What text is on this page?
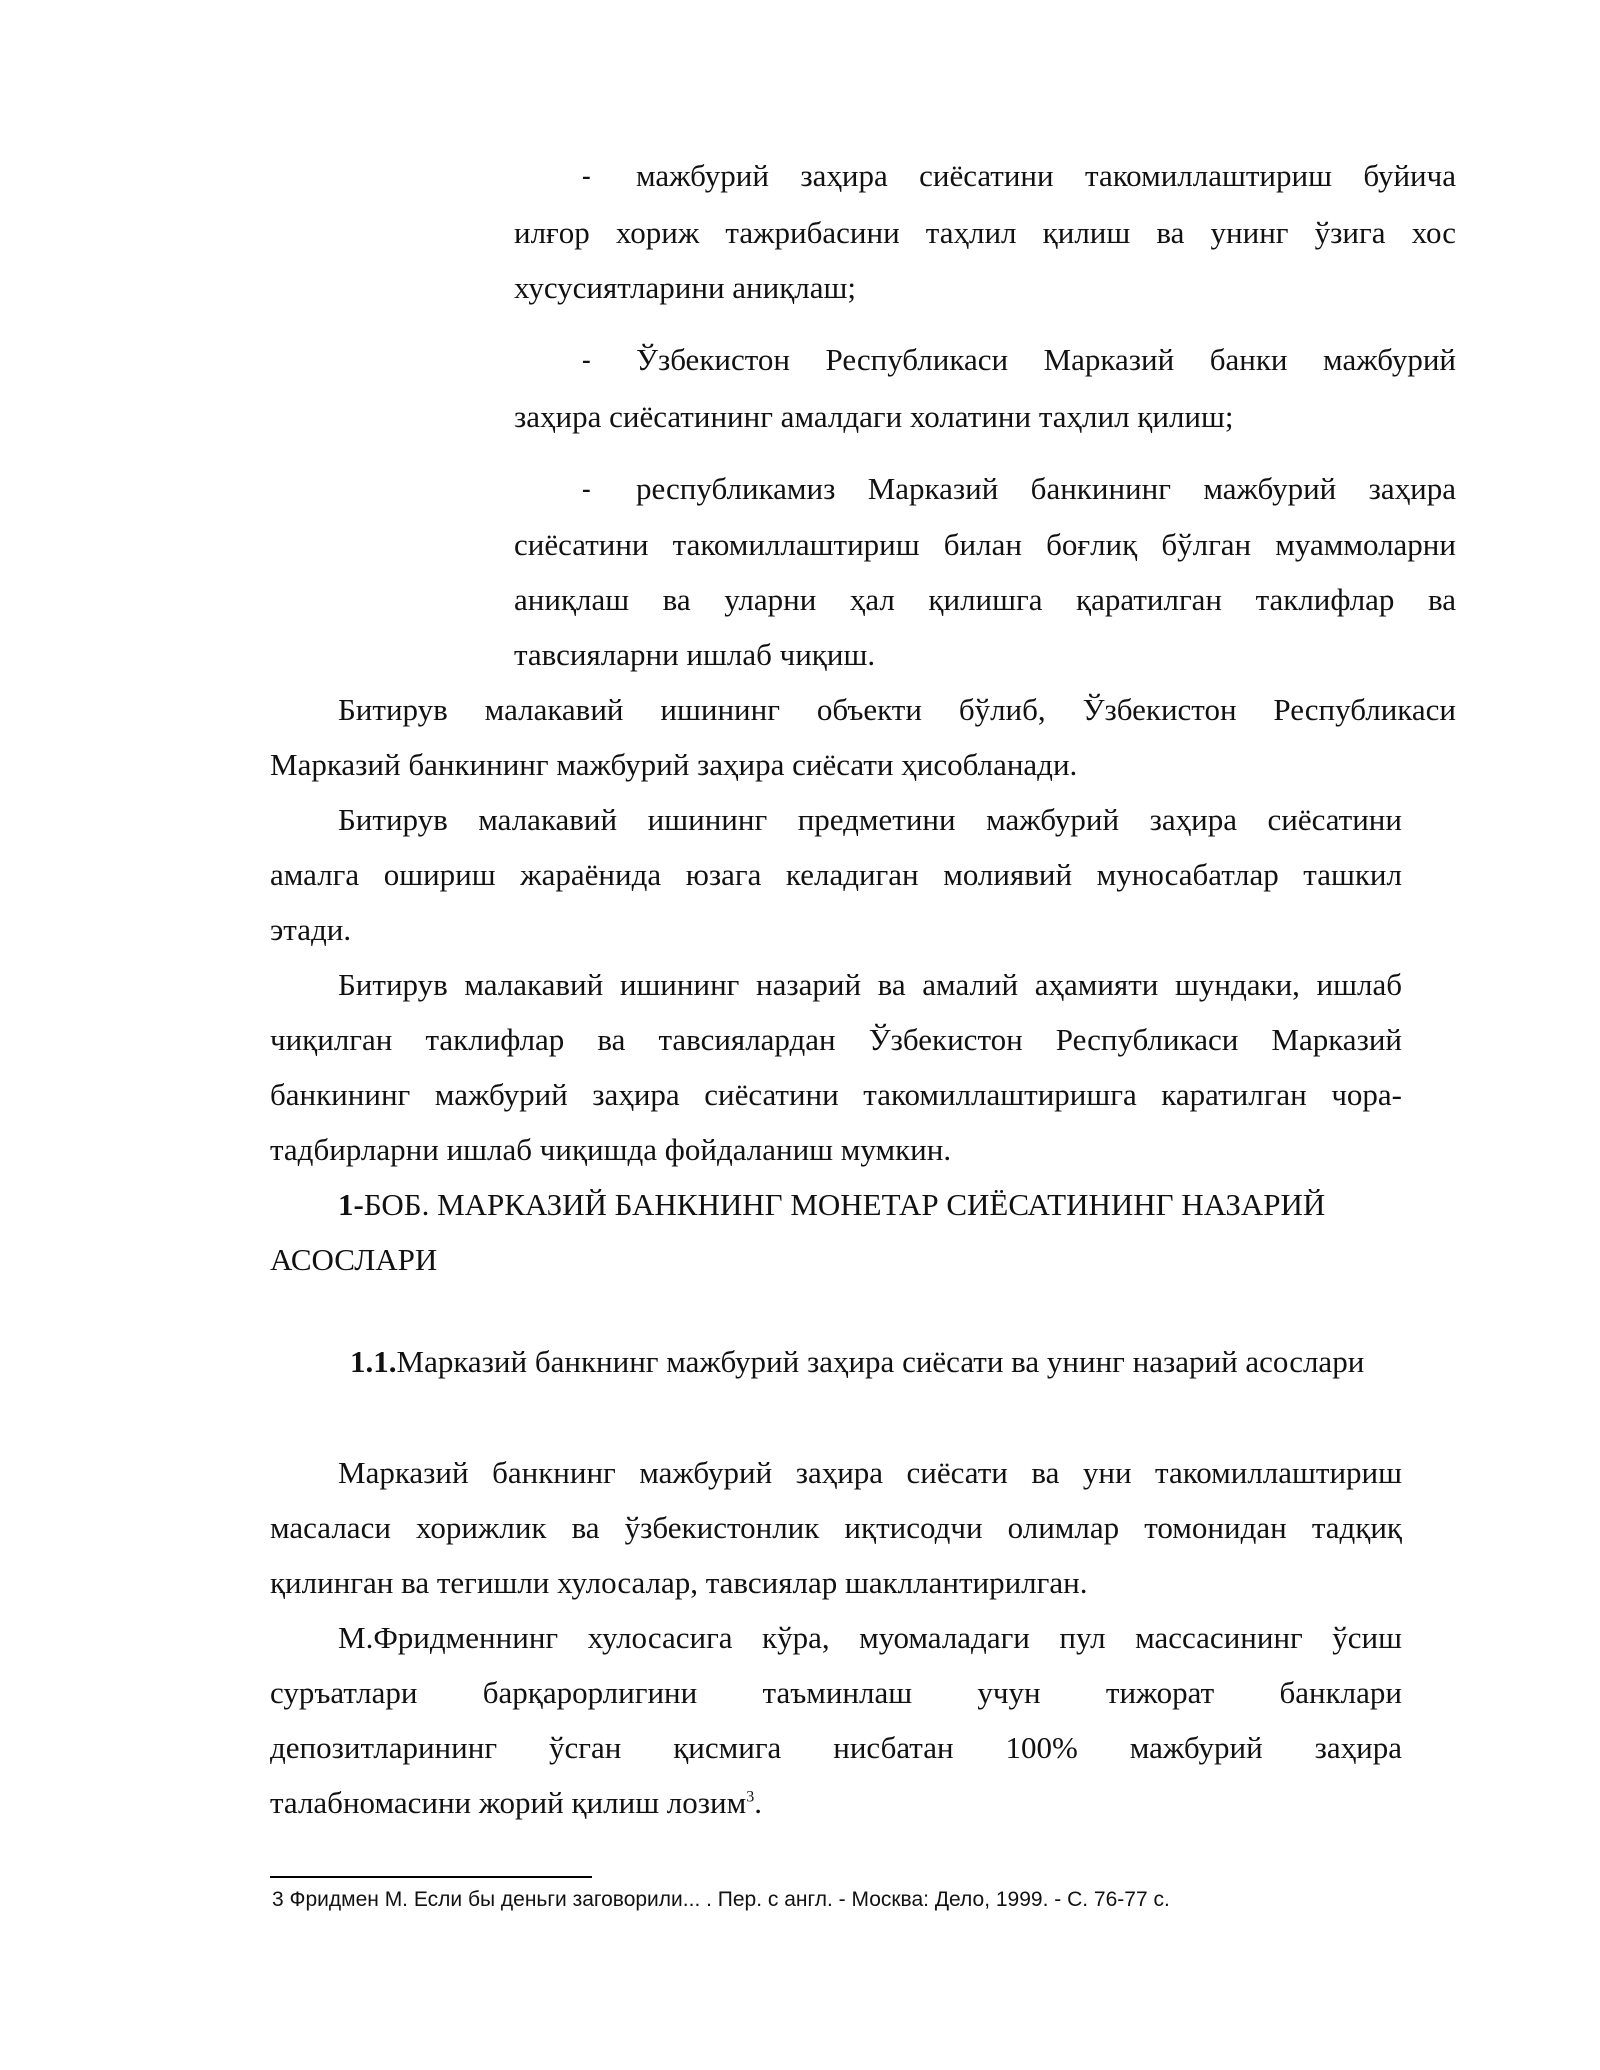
- мажбурий заҳира сиёсатини такомиллаштириш буйича
илғор хориж тажрибасини таҳлил қилиш ва унинг ўзига хос
хусусиятларини аниқлаш;
- Ўзбекистон Республикаси Марказий банки мажбурий
заҳира сиёсатининг амалдаги холатини таҳлил қилиш;
- республикамиз Марказий банкининг мажбурий заҳира
сиёсатини такомиллаштириш билан боғлиқ бўлган муаммоларни
аниқлаш ва уларни ҳал қилишга қаратилган таклифлар ва
тавсияларни ишлаб чиқиш.
Битирув малакавий ишининг объекти бўлиб, Ўзбекистон Республикаси
Марказий банкининг мажбурий заҳира сиёсати ҳисобланади.
Битирув малакавий ишининг предметини мажбурий заҳира сиёсатини
амалга ошириш жараёнида юзага келадиган молиявий муносабатлар ташкил
этади.
Битирув малакавий ишининг назарий ва амалий аҳамияти шундаки, ишлаб
чиқилган таклифлар ва тавсиялардан Ўзбекистон Республикаси Марказий
банкининг мажбурий заҳира сиёсатини такомиллаштиришга каратилган чора-
тадбирларни ишлаб чиқишда фойдаланиш мумкин.
1-БОБ. МАРКАЗИЙ БАНКНИНГ МОНЕТАР СИЁСАТИНИНГ НАЗАРИЙ
АСОСЛАРИ
1.1.Марказий банкнинг мажбурий заҳира сиёсати ва унинг назарий асослари
Марказий банкнинг мажбурий заҳира сиёсати ва уни такомиллаштириш
масаласи хорижлик ва ўзбекистонлик иқтисодчи олимлар томонидан тадқиқ
қилинган ва тегишли хулосалар, тавсиялар шакллантирилган.
М.Фридменнинг хулосасига кўра, муомаладаги пул массасининг ўсиш
суръатлари барқарорлигини таъминлаш учун тижорат банклари
депозитларининг ўсган қисмига нисбатан 100% мажбурий заҳира
талабномасини жорий қилиш лозим$^3$.
3 Фридмен М. Если бы деньги заговорили... . Пер. с англ. - Москва: Дело, 1999. - С. 76-77 с.
